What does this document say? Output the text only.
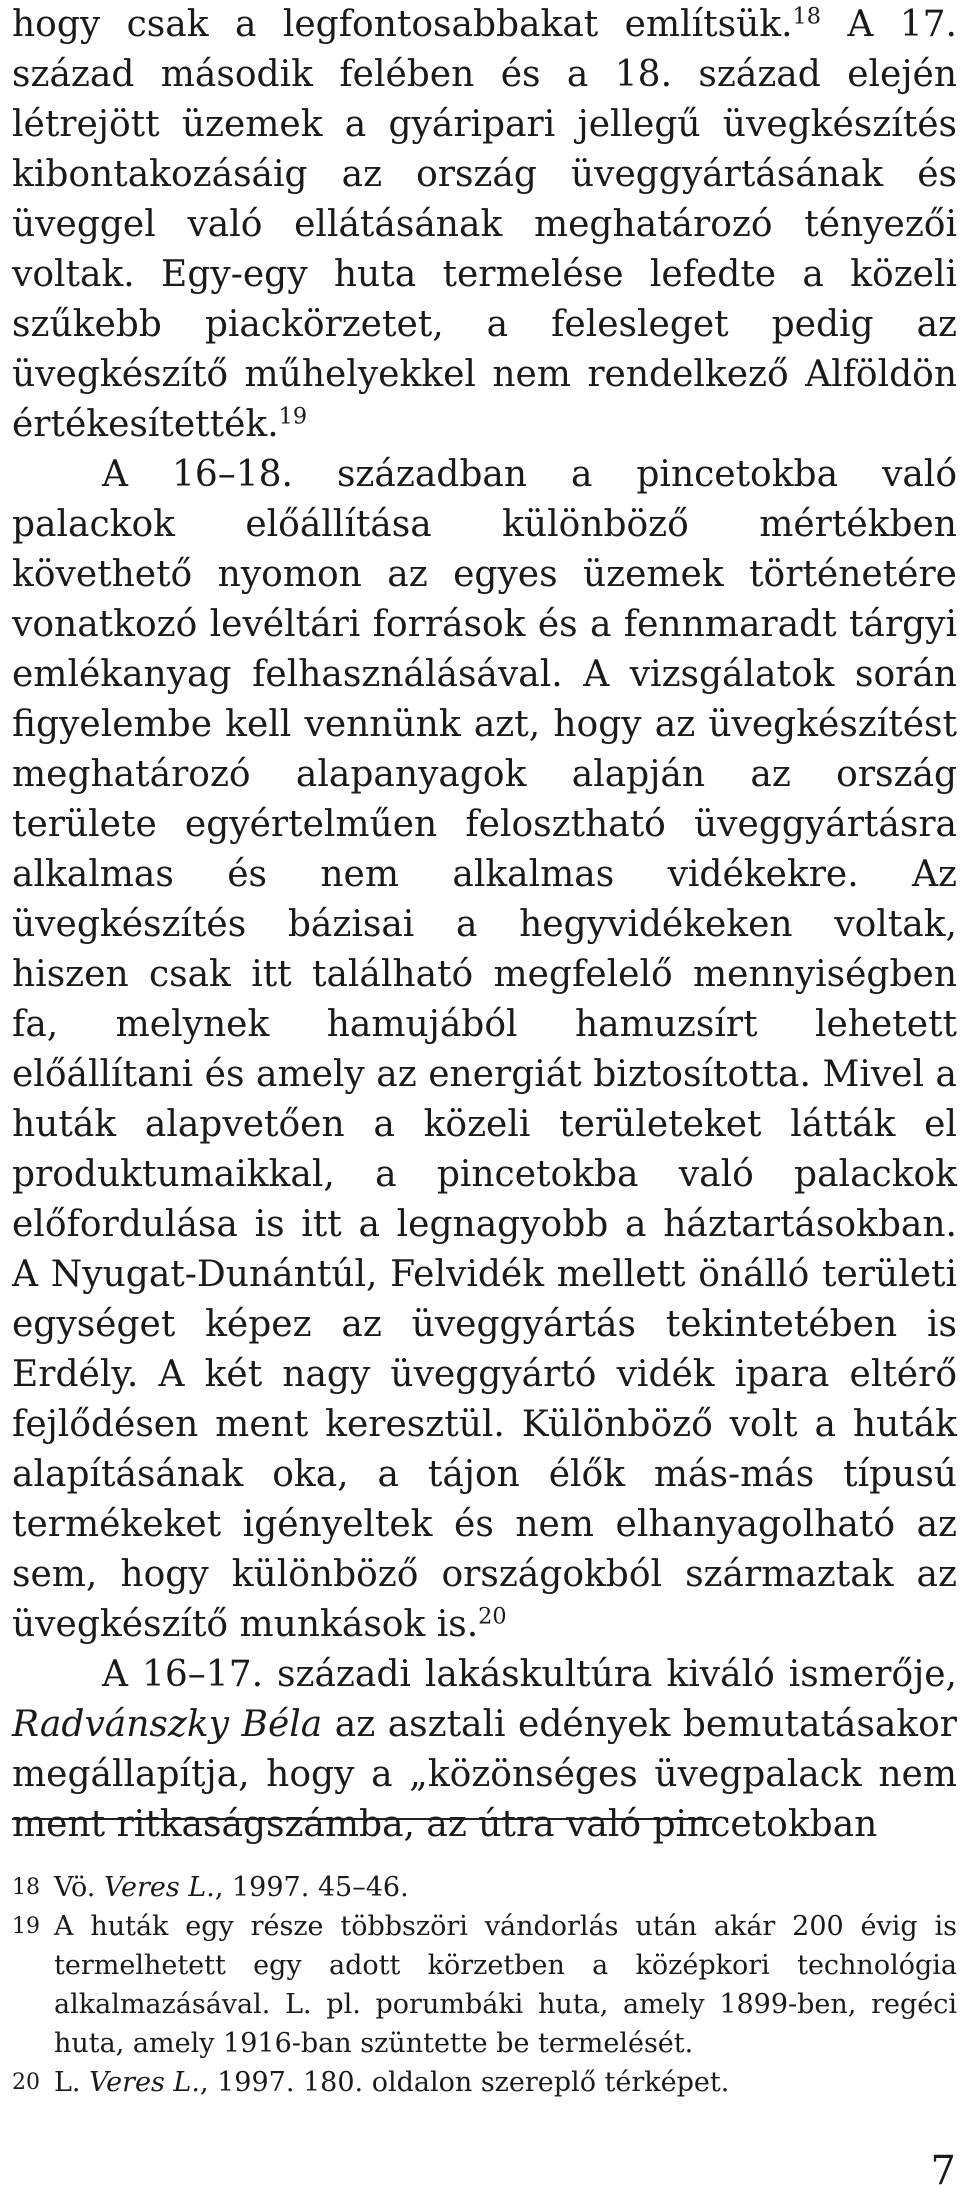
hogy csak a legfontosabbakat említsük.$^{18}$ A 17. század második felében és a 18. század elején létrejött üzemek a gyáripari jellegű üvegkészítés kibontakozásáig az ország üveggyártásának és üveggel való ellátásának meghatározó tényezői voltak. Egy-egy huta termelése lefedte a közeli szűkebb piackörzetet, a felesleget pedig az üvegkészítő műhelyekkel nem rendelkező Alföldön értékesítették.$^{19}$

A 16–18. században a pincetokba való palackok előállítása különböző mértékben követhető nyomon az egyes üzemek történetére vonatkozó levéltári források és a fennmaradt tárgyi emlékanyag felhasználásával. A vizsgálatok során figyelembe kell vennünk azt, hogy az üvegkészítést meghatározó alapanyagok alapján az ország területe egyértelműen felosztható üveggyártásra alkalmas és nem alkalmas vidékekre. Az üvegkészítés bázisai a hegyvidékeken voltak, hiszen csak itt található megfelelő mennyiségben fa, melynek hamujából hamuzsírt lehetett előállítani és amely az energiát biztosította. Mivel a huták alapvetően a közeli területeket látták el produktumaikkal, a pincetokba való palackok előfordulása is itt a legnagyobb a háztartásokban. A Nyugat-Dunántúl, Felvidék mellett önálló területi egységet képez az üveggyártás tekintetében is Erdély. A két nagy üveggyártó vidék ipara eltérő fejlődésen ment keresztül. Különböző volt a huták alapításának oka, a tájon élők más-más típusú termékeket igényeltek és nem elhanyagolható az sem, hogy különböző országokból származtak az üvegkészítő munkások is.$^{20}$

A 16–17. századi lakáskultúra kiváló ismerője, Radvánszky Béla az asztali edények bemutatásakor megállapítja, hogy a „közönséges üvegpalack nem ment ritkaságszámba, az útra való pincetokban

18 Vö. Veres L., 1997. 45–46.

19 A huták egy része többszöri vándorlás után akár 200 évig is termelhetett egy adott körzetben a középkori technológia alkalmazásával. L. pl. porumbáki huta, amely 1899-ben, regéci huta, amely 1916-ban szüntette be termelését.

20 L. Veres L., 1997. 180. oldalon szereplő térképet.

7
